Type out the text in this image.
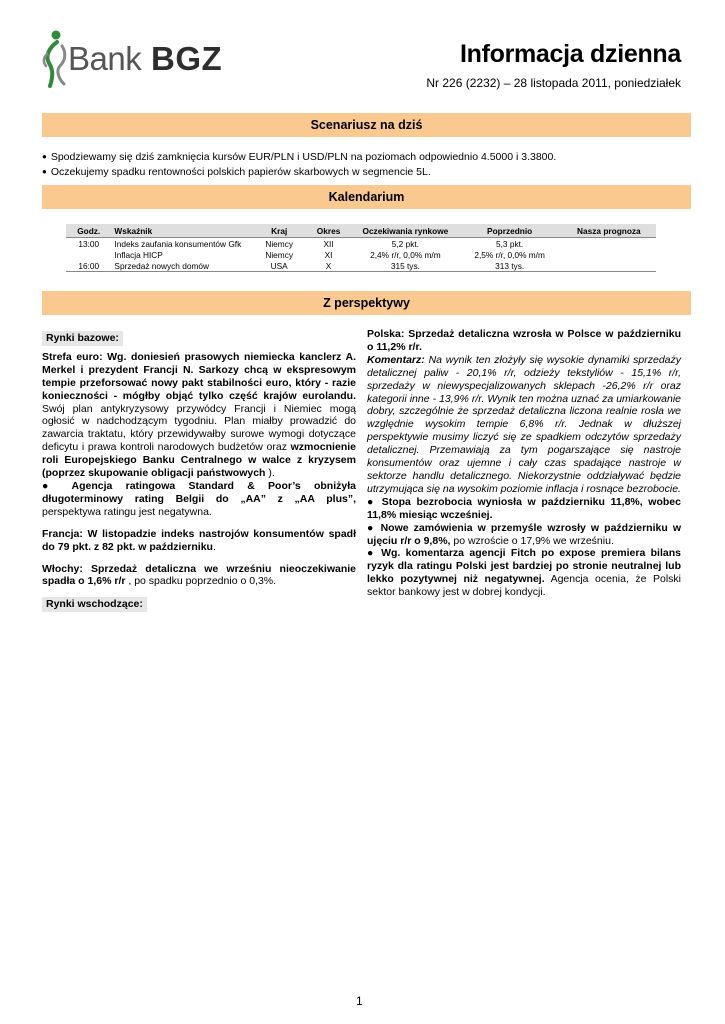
Bank BGZ	Informacja dzienna
Nr 226 (2232) – 28 listopada 2011, poniedziałek
Scenariusz na dziś
● Spodziewamy się dziś zamknięcia kursów EUR/PLN i USD/PLN na poziomach odpowiednio 4.5000 i 3.3800.
● Oczekujemy spadku rentowności polskich papierów skarbowych w segmencie 5L.
Kalendarium
Godz.	Wskaźnik	Kraj	Okres	Oczekiwania rynkowe	Poprzednio	Nasza prognoza
13:00	Indeks zaufania konsumentów Gfk	Niemcy	XII	5,2 pkt.	5,3 pkt.	
	Inflacja HICP	Niemcy	XI	2,4% r/r, 0,0% m/m	2,5% r/r, 0,0% m/m	
16:00	Sprzedaż nowych domów	USA	X	315 tys.	313 tys.	
Z perspektywy
Rynki bazowe:

Strefa euro: Wg. doniesień prasowych niemiecka kanclerz A. Merkel i prezydent Francji N. Sarkozy chcą w ekspresowym tempie przeforsować nowy pakt stabilności euro, który - razie konieczności - mógłby objąć tylko część krajów eurolandu. Swój plan antykryzysowy przywódcy Francji i Niemiec mogą ogłosić w nadchodzącym tygodniu. Plan miałby prowadzić do zawarcia traktatu, który przewidywałby surowe wymogi dotyczące deficytu i prawa kontroli narodowych budżetów oraz wzmocnienie roli Europejskiego Banku Centralnego w walce z kryzysem (poprzez skupowanie obligacji państwowych ).

● Agencja ratingowa Standard & Poor’s obniżyła długoterminowy rating Belgii do „AA” z „AA plus”, perspektywa ratingu jest negatywna.

Francja: W listopadzie indeks nastrojów konsumentów spadł do 79 pkt. z 82 pkt. w październiku.

Włochy: Sprzedaż detaliczna we wrześniu nieoczekiwanie spadła o 1,6% r/r , po spadku poprzednio o 0,3%.

Rynki wschodzące:

Polska: Sprzedaż detaliczna wzrosła w Polsce w październiku o 11,2% r/r.

Komentarz: Na wynik ten złożyły się wysokie dynamiki sprzedaży detalicznej paliw - 20,1% r/r, odzieży tekstyliów - 15,1% r/r, sprzedaży w niewyspecjalizowanych sklepach -26,2% r/r oraz kategorii inne - 13,9% r/r. Wynik ten można uznać za umiarkowanie dobry, szczególnie że sprzedaż detaliczna liczona realnie rosła we względnie wysokim tempie 6,8% r/r. Jednak w dłuższej perspektywie musimy liczyć się ze spadkiem odczytów sprzedaży detalicznej. Przemawiają za tym pogarszające się nastroje konsumentów oraz ujemne i cały czas spadające nastroje w sektorze handlu detalicznego. Niekorzystnie oddziaływać będzie utrzymująca się na wysokim poziomie inflacja i rosnące bezrobocie.

● Stopa bezrobocia wyniosła w październiku 11,8%, wobec 11,8% miesiąc wcześniej.

● Nowe zamówienia w przemyśle wzrosły w październiku w ujęciu r/r o 9,8%, po wzroście o 17,9% we wrześniu.

● Wg. komentarza agencji Fitch po expose premiera bilans ryzyk dla ratingu Polski jest bardziej po stronie neutralnej lub lekko pozytywnej niż negatywnej. Agencja ocenia, że Polski sektor bankowy jest w dobrej kondycji.

1
